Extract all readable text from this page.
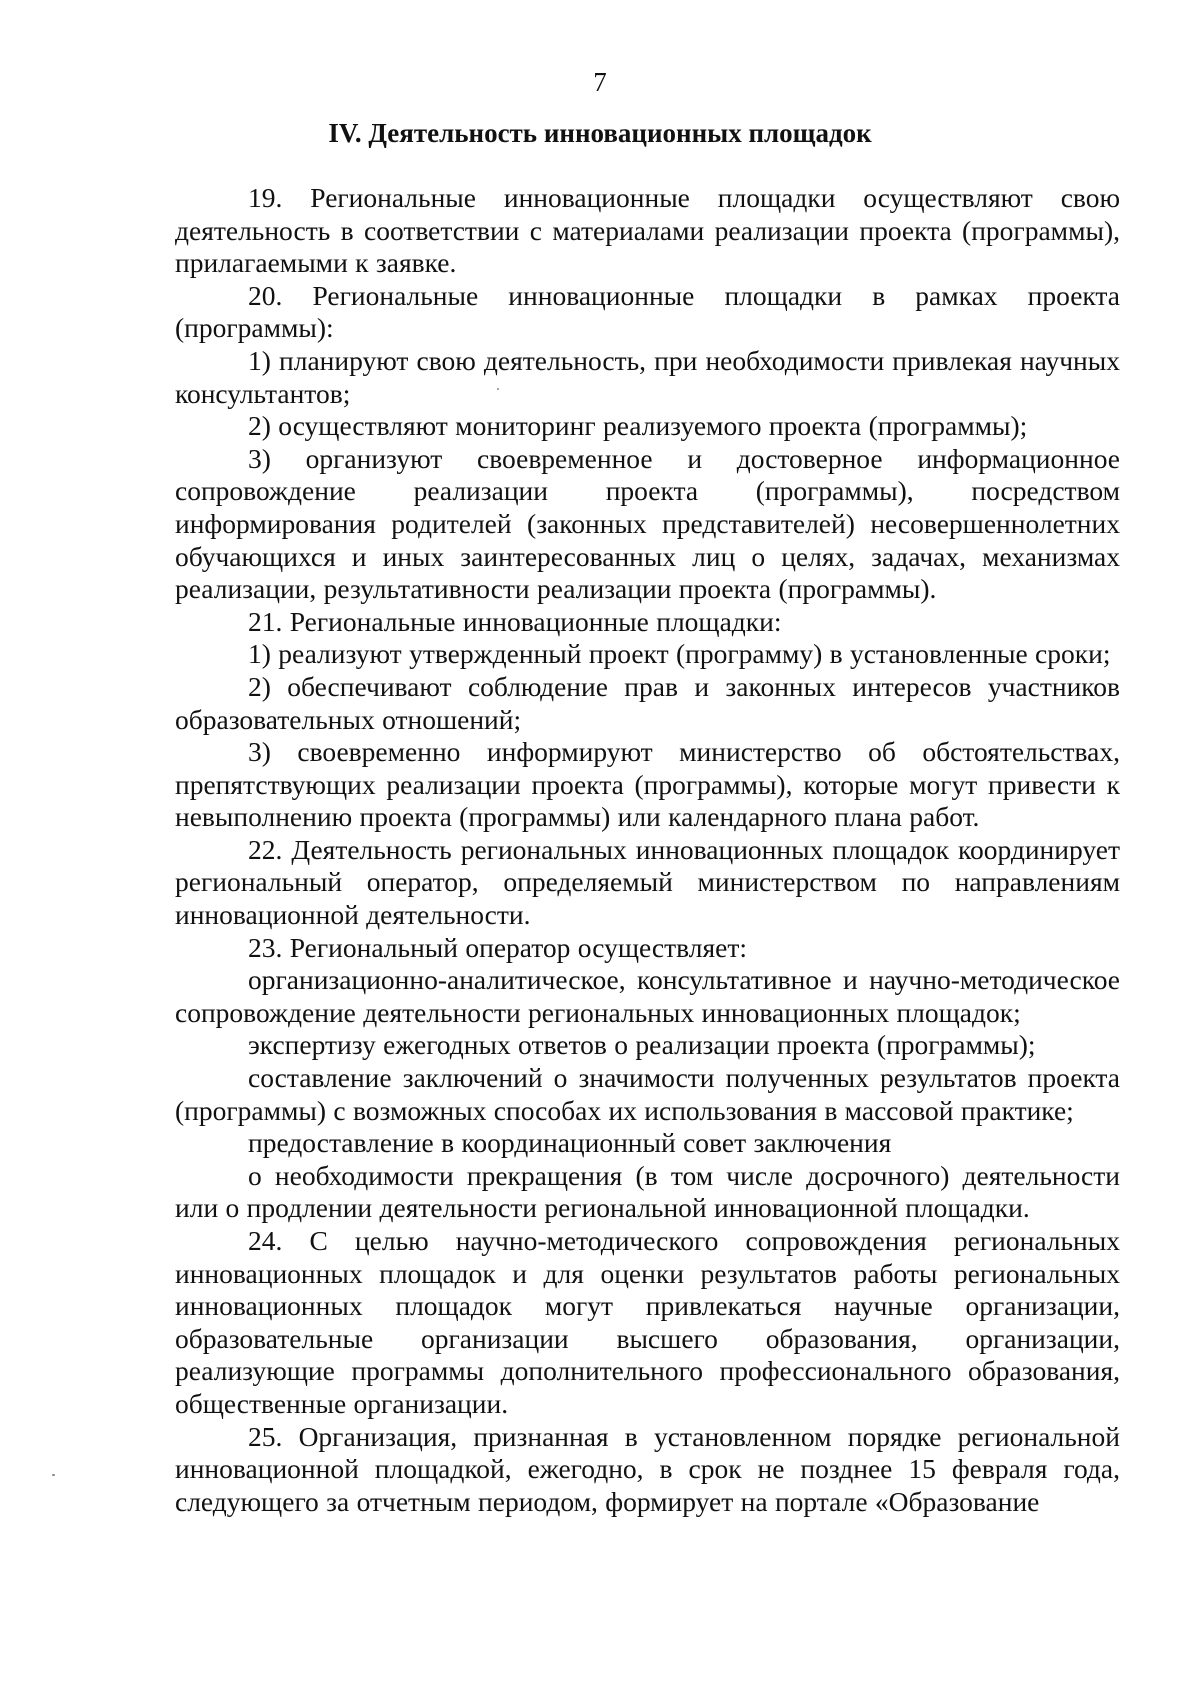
7
IV. Деятельность инновационных площадок

19. Региональные инновационные площадки осуществляют свою деятельность в соответствии с материалами реализации проекта (программы), прилагаемыми к заявке.

20. Региональные инновационные площадки в рамках проекта (программы):

1) планируют свою деятельность, при необходимости привлекая научных консультантов;

2) осуществляют мониторинг реализуемого проекта (программы);

3) организуют своевременное и достоверное информационное сопровождение реализации проекта (программы), посредством информирования родителей (законных представителей) несовершеннолетних обучающихся и иных заинтересованных лиц о целях, задачах, механизмах реализации, результативности реализации проекта (программы).

21. Региональные инновационные площадки:

1) реализуют утвержденный проект (программу) в установленные сроки;

2) обеспечивают соблюдение прав и законных интересов участников образовательных отношений;

3) своевременно информируют министерство об обстоятельствах, препятствующих реализации проекта (программы), которые могут привести к невыполнению проекта (программы) или календарного плана работ.

22. Деятельность региональных инновационных площадок координирует региональный оператор, определяемый министерством по направлениям инновационной деятельности.

23. Региональный оператор осуществляет:

организационно-аналитическое, консультативное и научно-методическое сопровождение деятельности региональных инновационных площадок;

экспертизу ежегодных ответов о реализации проекта (программы);

составление заключений о значимости полученных результатов проекта (программы) с возможных способах их использования в массовой практике;

предоставление в координационный совет заключения

о необходимости прекращения (в том числе досрочного) деятельности или о продлении деятельности региональной инновационной площадки.

24. С целью научно-методического сопровождения региональных инновационных площадок и для оценки результатов работы региональных инновационных площадок могут привлекаться научные организации, образовательные организации высшего образования, организации, реализующие программы дополнительного профессионального образования, общественные организации.

25. Организация, признанная в установленном порядке региональной инновационной площадкой, ежегодно, в срок не позднее 15 февраля года, следующего за отчетным периодом, формирует на портале «Образование
